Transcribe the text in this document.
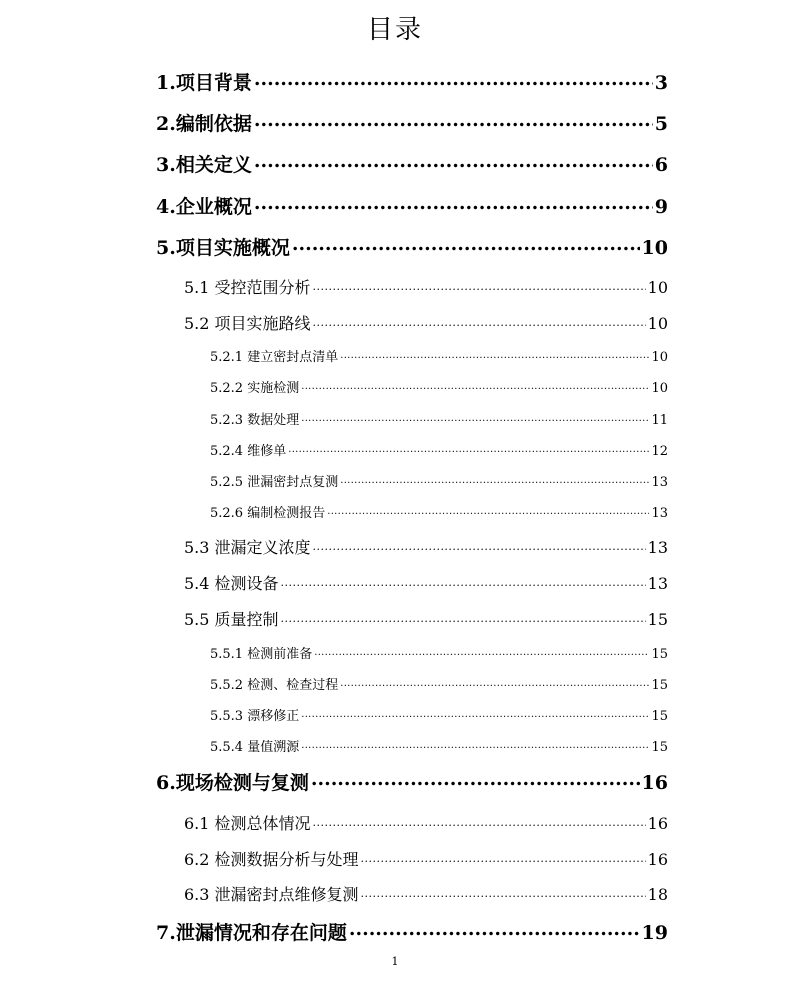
目录
1.项目背景 .....	3
2.编制依据 .....	5
3.相关定义 .....	6
4.企业概况 .....	9
5.项目实施概况 .....	10
5.1 受控范围分析 .....	10
5.2 项目实施路线 .....	10
5.2.1 建立密封点清单 .....	10
5.2.2 实施检测 .....	10
5.2.3 数据处理 .....	11
5.2.4 维修单 .....	12
5.2.5 泄漏密封点复测 .....	13
5.2.6 编制检测报告 .....	13
5.3 泄漏定义浓度 .....	13
5.4 检测设备 .....	13
5.5 质量控制 .....	15
5.5.1 检测前准备 .....	15
5.5.2 检测、检查过程 .....	15
5.5.3 漂移修正 .....	15
5.5.4 量值溯源 .....	15
6.现场检测与复测 .....	16
6.1 检测总体情况 .....	16
6.2 检测数据分析与处理 .....	16
6.3 泄漏密封点维修复测 .....	18
7.泄漏情况和存在问题 .....	19
1
